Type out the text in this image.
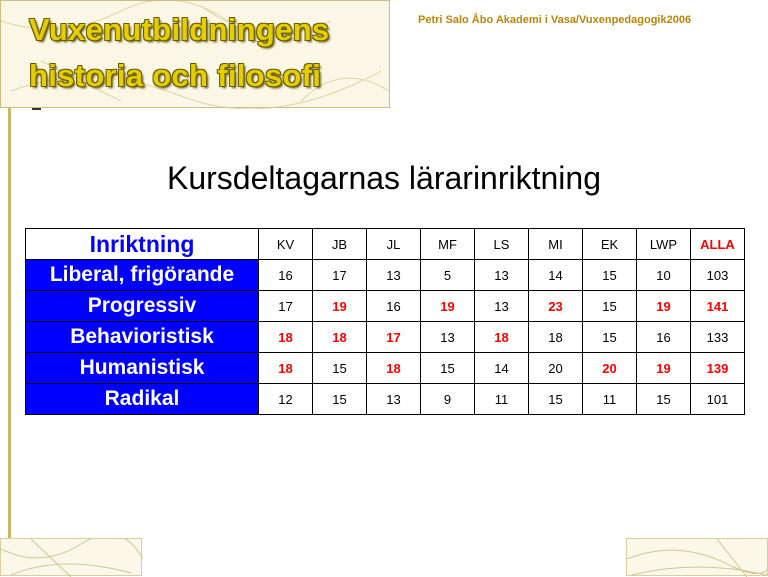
Vuxenutbildningens
historia och filosofi
Petri Salo Åbo Akademi i Vasa/Vuxenpedagogik2006
Kursdeltagarnas lärarinriktning
Inriktning	KV	JB	JL	MF	LS	MI	EK	LWP	ALLA
Liberal, frigörande	16	17	13	5	13	14	15	10	103
Progressiv	17	19	16	19	13	23	15	19	141
Behavioristisk	18	18	17	13	18	18	15	16	133
Humanistisk	18	15	18	15	14	20	20	19	139
Radikal	12	15	13	9	11	15	11	15	101
